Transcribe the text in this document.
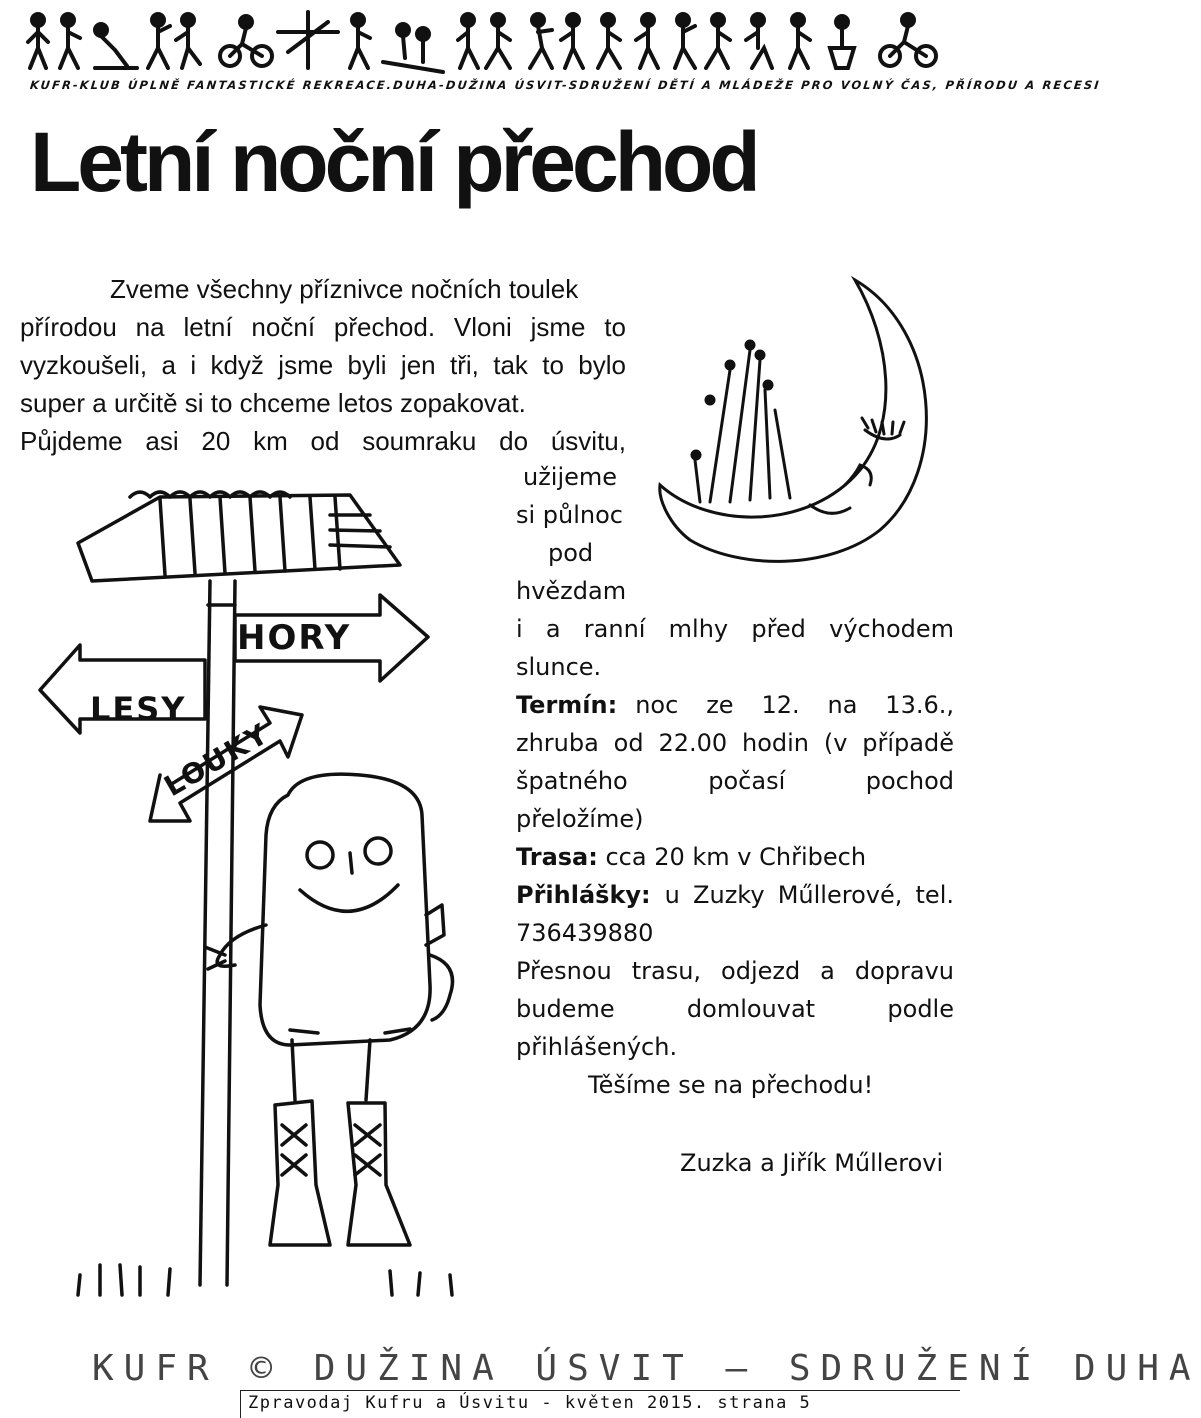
KUFR-KLUB ÚPLNĚ FANTASTICKÉ REKREACE.DUHA-DUŽINA ÚSVIT-SDRUŽENÍ DĚTÍ A MLÁDEŽE PRO VOLNÝ ČAS, PŘÍRODU A RECESI
Letní noční přechod
Zveme všechny příznivce nočních toulek
přírodou na letní noční přechod. Vloni jsme to
vyzkoušeli, a i když jsme byli jen tři, tak to bylo
super a určitě si to chceme letos zopakovat.
Půjdeme asi 20 km od soumraku do úsvitu,
užijeme
si půlnoc
pod
hvězdam
i a ranní mlhy před východem
slunce.
Termín: noc ze 12. na 13.6.,
zhruba od 22.00 hodin (v případě
špatného počasí pochod
přeložíme)
Trasa: cca 20 km v Chřibech
Přihlášky: u Zuzky Műllerové, tel.
736439880
Přesnou trasu, odjezd a dopravu
budeme domlouvat podle
přihlášených.
Těšíme se na přechodu!
Zuzka a Jiřík Műllerovi
HORY
LESY
LOUKY
KUFR © DUŽINA ÚSVIT – SDRUŽENÍ DUHA
Zpravodaj Kufru a Úsvitu - květen 2015. strana 5
